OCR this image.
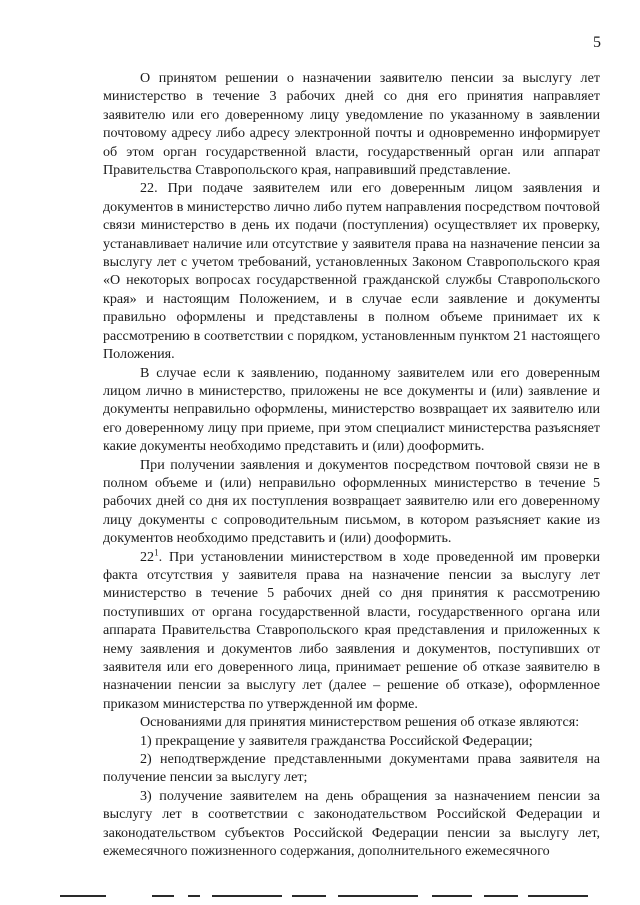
5

О принятом решении о назначении заявителю пенсии за выслугу лет министерство в течение 3 рабочих дней со дня его принятия направляет заявителю или его доверенному лицу уведомление по указанному в заявлении почтовому адресу либо адресу электронной почты и одновременно информирует об этом орган государственной власти, государственный орган или аппарат Правительства Ставропольского края, направивший представление.

22. При подаче заявителем или его доверенным лицом заявления и документов в министерство лично либо путем направления посредством почтовой связи министерство в день их подачи (поступления) осуществляет их проверку, устанавливает наличие или отсутствие у заявителя права на назначение пенсии за выслугу лет с учетом требований, установленных Законом Ставропольского края «О некоторых вопросах государственной гражданской службы Ставропольского края» и настоящим Положением, и в случае если заявление и документы правильно оформлены и представлены в полном объеме принимает их к рассмотрению в соответствии с порядком, установленным пунктом 21 настоящего Положения.

В случае если к заявлению, поданному заявителем или его доверенным лицом лично в министерство, приложены не все документы и (или) заявление и документы неправильно оформлены, министерство возвращает их заявителю или его доверенному лицу при приеме, при этом специалист министерства разъясняет какие документы необходимо представить и (или) дооформить.

При получении заявления и документов посредством почтовой связи не в полном объеме и (или) неправильно оформленных министерство в течение 5 рабочих дней со дня их поступления возвращает заявителю или его доверенному лицу документы с сопроводительным письмом, в котором разъясняет какие из документов необходимо представить и (или) дооформить.

$22^1$. При установлении министерством в ходе проведенной им проверки факта отсутствия у заявителя права на назначение пенсии за выслугу лет министерство в течение 5 рабочих дней со дня принятия к рассмотрению поступивших от органа государственной власти, государственного органа или аппарата Правительства Ставропольского края представления и приложенных к нему заявления и документов либо заявления и документов, поступивших от заявителя или его доверенного лица, принимает решение об отказе заявителю в назначении пенсии за выслугу лет (далее – решение об отказе), оформленное приказом министерства по утвержденной им форме.

Основаниями для принятия министерством решения об отказе являются:

1) прекращение у заявителя гражданства Российской Федерации;

2) неподтверждение представленными документами права заявителя на получение пенсии за выслугу лет;

3) получение заявителем на день обращения за назначением пенсии за выслугу лет в соответствии с законодательством Российской Федерации и законодательством субъектов Российской Федерации пенсии за выслугу лет, ежемесячного пожизненного содержания, дополнительного ежемесячного
